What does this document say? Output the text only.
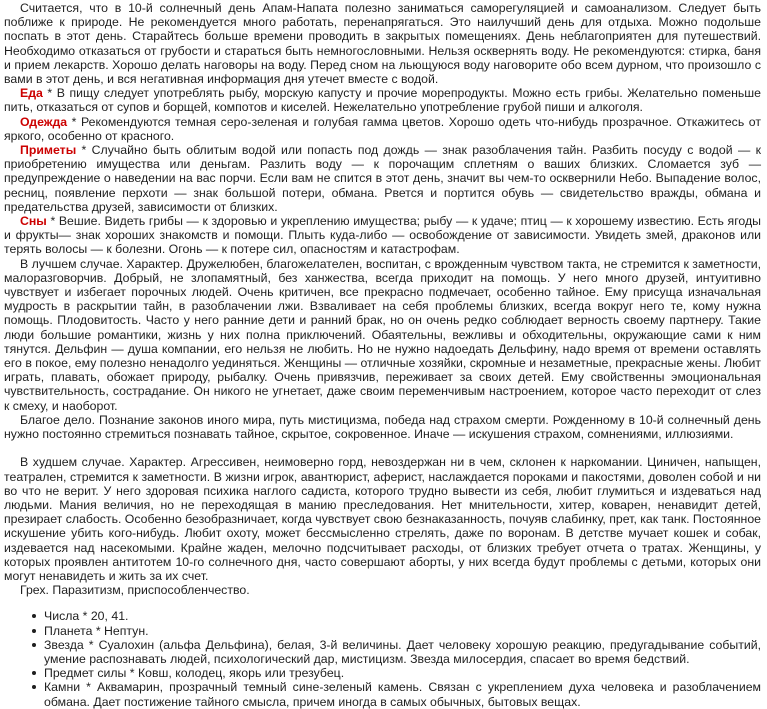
Считается, что в 10-й солнечный день Апам-Напата полезно заниматься саморегуляцией и самоанализом. Следует быть поближе к природе. Не рекомендуется много работать, перенапрягаться. Это наилучший день для отдыха. Можно подольше поспать в этот день. Старайтесь больше времени проводить в закрытых помещениях. День неблагоприятен для путешествий. Необходимо отказаться от грубости и стараться быть немногословными. Нельзя осквернять воду. Не рекомендуются: стирка, баня и прием лекарств. Хорошо делать наговоры на воду. Перед сном на льющуюся воду наговорите обо всем дурном, что произошло с вами в этот день, и вся негативная информация дня утечет вместе с водой.

Еда * В пищу следует употреблять рыбу, морскую капусту и прочие морепродукты. Можно есть грибы. Желательно поменьше пить, отказаться от супов и борщей, компотов и киселей. Нежелательно употребление грубой пиши и алкоголя.

Одежда * Рекомендуются темная серо-зеленая и голубая гамма цветов. Хорошо одеть что-нибудь прозрачное. Откажитесь от яркого, особенно от красного.

Приметы * Случайно быть облитым водой или попасть под дождь — знак разоблачения тайн. Разбить посуду с водой — к приобретению имущества или деньгам. Разлить воду — к порочащим сплетням о ваших близких. Сломается зуб — предупреждение о наведении на вас порчи. Если вам не спится в этот день, значит вы чем-то осквернили Небо. Выпадение волос, ресниц, появление перхоти — знак большой потери, обмана. Рвется и портится обувь — свидетельство вражды, обмана и предательства друзей, зависимости от близких.

Сны * Вешие. Видеть грибы — к здоровью и укреплению имущества; рыбу — к удаче; птиц — к хорошему известию. Есть ягоды и фрукты— знак хороших знакомств и помощи. Плыть куда-либо — освобождение от зависимости. Увидеть змей, драконов или терять волосы — к болезни. Огонь — к потере сил, опасностям и катастрофам.

В лучшем случае. Характер. Дружелюбен, благожелателен, воспитан, с врожденным чувством такта, не стремится к заметности, малоразговорчив. Добрый, не злопамятный, без ханжества, всегда приходит на помощь. У него много друзей, интуитивно чувствует и избегает порочных людей. Очень критичен, все прекрасно подмечает, особенно тайное. Ему присуща изначальная мудрость в раскрытии тайн, в разоблачении лжи. Взваливает на себя проблемы близких, всегда вокруг него те, кому нужна помощь. Плодовитость. Часто у него ранние дети и ранний брак, но он очень редко соблюдает верность своему партнеру. Такие люди большие романтики, жизнь у них полна приключений. Обаятельны, вежливы и обходительны, окружающие сами к ним тянутся. Дельфин — душа компании, его нельзя не любить. Но не нужно надоедать Дельфину, надо время от времени оставлять его в покое, ему полезно ненадолго уединяться. Женщины — отличные хозяйки, скромные и незаметные, прекрасные жены. Любит играть, плавать, обожает природу, рыбалку. Очень привязчив, переживает за своих детей. Ему свойственны эмоциональная чувствительность, сострадание. Он никого не угнетает, даже своим переменчивым настроением, которое часто переходит от слез к смеху, и наоборот.

Благое дело. Познание законов иного мира, путь мистицизма, победа над страхом смерти. Рожденному в 10-й солнечный день нужно постоянно стремиться познавать тайное, скрытое, сокровенное. Иначе — искушения страхом, сомнениями, иллюзиями.

В худшем случае. Характер. Агрессивен, неимоверно горд, невоздержан ни в чем, склонен к наркомании. Циничен, напыщен, театрален, стремится к заметности. В жизни игрок, авантюрист, аферист, наслаждается пороками и пакостями, доволен собой и ни во что не верит. У него здоровая психика наглого садиста, которого трудно вывести из себя, любит глумиться и издеваться над людьми. Мания величия, но не переходящая в манию преследования. Нет мнительности, хитер, коварен, ненавидит детей, презирает слабость. Особенно безобразничает, когда чувствует свою безнаказанность, почуяв слабинку, прет, как танк. Постоянное искушение убить кого-нибудь. Любит охоту, может бессмысленно стрелять, даже по воронам. В детстве мучает кошек и собак, издевается над насекомыми. Крайне жаден, мелочно подсчитывает расходы, от близких требует отчета о тратах. Женщины, у которых проявлен антитотем 10-го солнечного дня, часто совершают аборты, у них всегда будут проблемы с детьми, которых они могут ненавидеть и жить за их счет.

Грех. Паразитизм, приспособленчество.

Числа * 20, 41.
Планета * Нептун.
Звезда * Суалохин (альфа Дельфина), белая, 3-й величины. Дает человеку хорошую реакцию, предугадывание событий, умение распознавать людей, психологический дар, мистицизм. Звезда милосердия, спасает во время бедствий.
Предмет силы * Ковш, колодец, якорь или трезубец.
Камни * Аквамарин, прозрачный темный сине-зеленый камень. Связан с укреплением духа человека и разоблачением обмана. Дает постижение тайного смысла, причем иногда в самых обычных, бытовых вещах.
